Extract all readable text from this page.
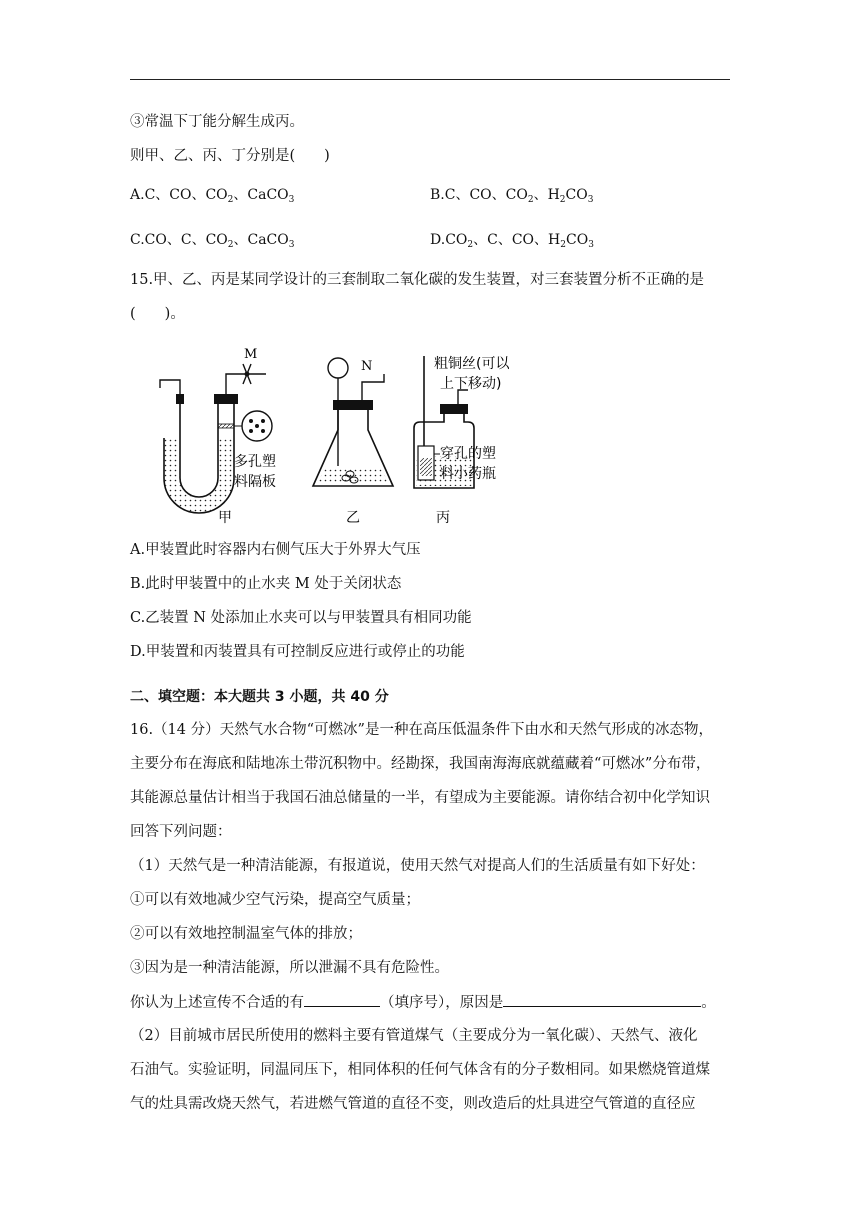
③常温下丁能分解生成丙。
则甲、乙、丙、丁分别是(　　)
A.C、CO、$CO_2$、CaCO$_3$	B.C、CO、$CO_2$、$H_2CO_3$
C.CO、C、$CO_2$、CaCO$_3$	$D.CO_2$、C、CO、$H_2CO_3$
15.甲、乙、丙是某同学设计的三套制取二氧化碳的发生装置，对三套装置分析不正确的是
(　　)。
M
多孔塑
料隔板
甲
N
乙
粗铜丝(可以
上下移动)
穿孔的塑
料小药瓶
丙
A.甲装置此时容器内右侧气压大于外界大气压
B.此时甲装置中的止水夹 M 处于关闭状态
C.乙装置 N 处添加止水夹可以与甲装置具有相同功能
D.甲装置和丙装置具有可控制反应进行或停止的功能
二、填空题：本大题共 3 小题，共 40 分
16.（14 分）天然气水合物“可燃冰”是一种在高压低温条件下由水和天然气形成的冰态物，
主要分布在海底和陆地冻土带沉积物中。经勘探，我国南海海底就蕴藏着“可燃冰”分布带，
其能源总量估计相当于我国石油总储量的一半，有望成为主要能源。请你结合初中化学知识
回答下列问题：
（1）天然气是一种清洁能源，有报道说，使用天然气对提高人们的生活质量有如下好处：
①可以有效地减少空气污染，提高空气质量；
②可以有效地控制温室气体的排放；
③因为是一种清洁能源，所以泄漏不具有危险性。
你认为上述宣传不合适的有	（填序号），原因是	。
（2）目前城市居民所使用的燃料主要有管道煤气（主要成分为一氧化碳）、天然气、液化
石油气。实验证明，同温同压下，相同体积的任何气体含有的分子数相同。如果燃烧管道煤
气的灶具需改烧天然气，若进燃气管道的直径不变，则改造后的灶具进空气管道的直径应
